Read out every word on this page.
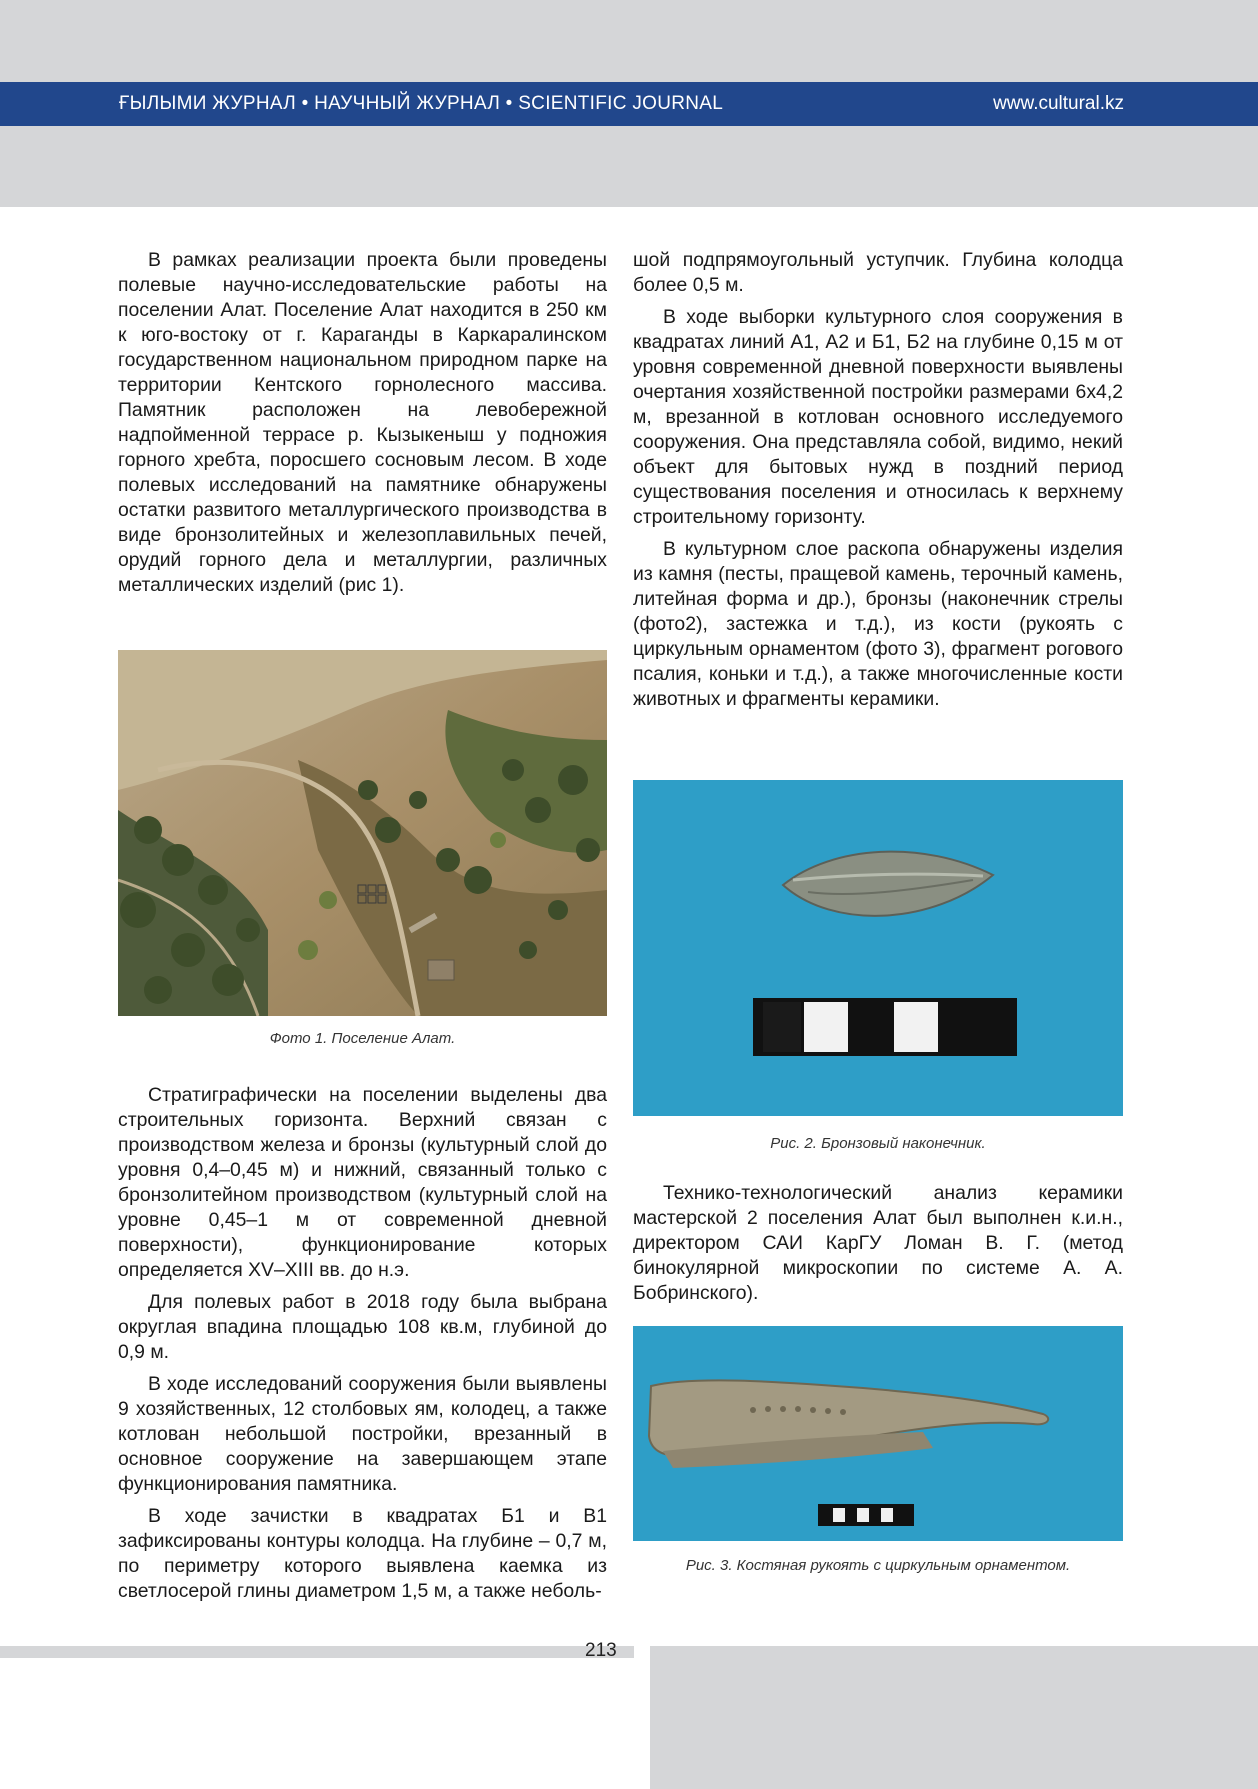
ҒЫЛЫМИ ЖУРНАЛ • НАУЧНЫЙ ЖУРНАЛ • SCIENTIFIC JOURNAL	www.cultural.kz

В рамках реализации проекта были проведены полевые научно-исследовательские работы на поселении Алат. Поселение Алат находится в 250 км к юго-востоку от г. Караганды в Каркаралинском государственном национальном природном парке на территории Кентского горнолесного массива. Памятник расположен на левобережной надпойменной террасе р. Кызыкеныш у подножия горного хребта, поросшего сосновым лесом. В ходе полевых исследований на памятнике обнаружены остатки развитого металлургического производства в виде бронзолитейных и железоплавильных печей, орудий горного дела и металлургии, различных металлических изделий (рис 1).

Фото 1. Поселение Алат.

Стратиграфически на поселении выделены два строительных горизонта. Верхний связан с производством железа и бронзы (культурный слой до уровня 0,4–0,45 м) и нижний, связанный только с бронзолитейном производством (культурный слой на уровне 0,45–1 м от современной дневной поверхности), функционирование которых определяется XV–XIII вв. до н.э.

Для полевых работ в 2018 году была выбрана округлая впадина площадью 108 кв.м, глубиной до 0,9 м.

В ходе исследований сооружения были выявлены 9 хозяйственных, 12 столбовых ям, колодец, а также котлован небольшой постройки, врезанный в основное сооружение на завершающем этапе функционирования памятника.

В ходе зачистки в квадратах Б1 и В1 зафиксированы контуры колодца. На глубине – 0,7 м, по периметру которого выявлена каемка из светлосерой глины диаметром 1,5 м, а также неболь-

шой подпрямоугольный уступчик. Глубина колодца более 0,5 м.

В ходе выборки культурного слоя сооружения в квадратах линий А1, А2 и Б1, Б2 на глубине 0,15 м от уровня современной дневной поверхности выявлены очертания хозяйственной постройки размерами 6х4,2 м, врезанной в котлован основного исследуемого сооружения. Она представляла собой, видимо, некий объект для бытовых нужд в поздний период существования поселения и относилась к верхнему строительному горизонту.

В культурном слое раскопа обнаружены изделия из камня (песты, пращевой камень, терочный камень, литейная форма и др.), бронзы (наконечник стрелы (фото2), застежка и т.д.), из кости (рукоять с циркульным орнаментом (фото 3), фрагмент рогового псалия, коньки и т.д.), а также многочисленные кости животных и фрагменты керамики.

Рис. 2. Бронзовый наконечник.

Технико-технологический анализ керамики мастерской 2 поселения Алат был выполнен к.и.н., директором САИ КарГУ Ломан В. Г. (метод бинокулярной микроскопии по системе А. А. Бобринского).

Рис. 3. Костяная рукоять с циркульным орнаментом.
213
